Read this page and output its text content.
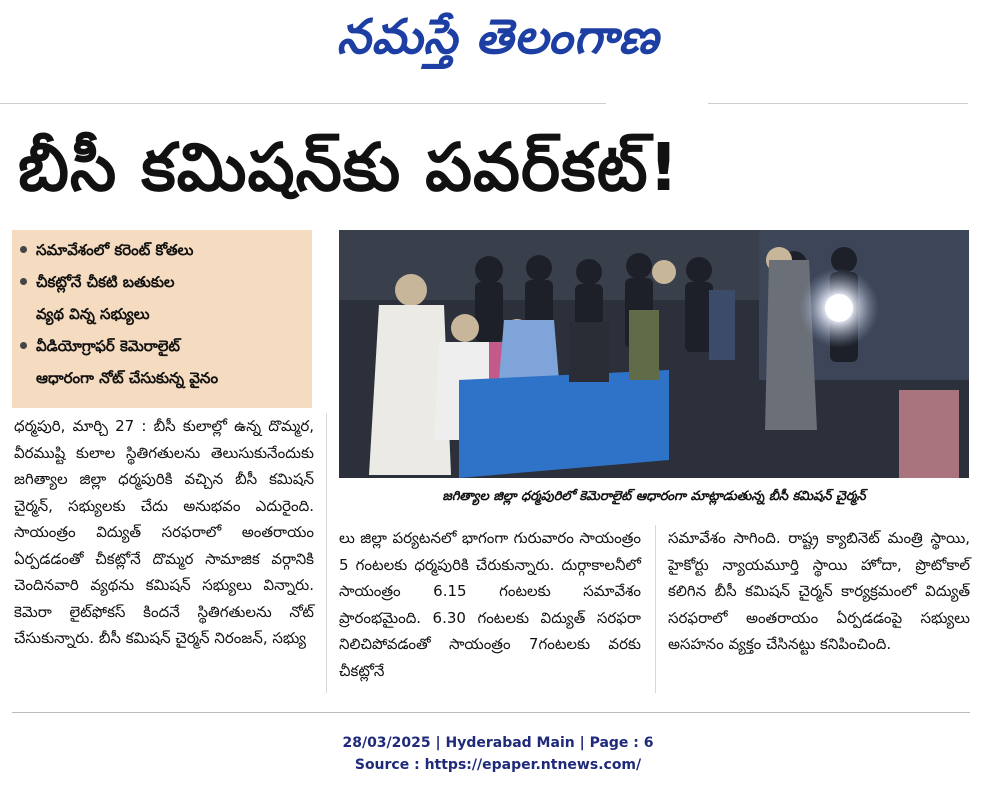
నమస్తే తెలంగాణ
బీసీ కమిషన్‌కు పవర్‌కట్!
సమావేశంలో కరెంట్ కోతలు
చీకట్లోనే చీకటి బతుకుల
వ్యథ విన్న సభ్యులు
వీడియోగ్రాఫర్ కెమెరాలైట్
ఆధారంగా నోట్ చేసుకున్న వైనం
జగిత్యాల జిల్లా ధర్మపురిలో కెమెరాలైట్ ఆధారంగా మాట్లాడుతున్న బీసీ కమిషన్ చైర్మన్

ధర్మపురి, మార్చి 27 : బీసీ కులాల్లో ఉన్న దొమ్మర, వీరముష్టి కులాల స్థితిగతులను తెలుసుకునేందుకు జగిత్యాల జిల్లా ధర్మపురికి వచ్చిన బీసీ కమిషన్ చైర్మన్, సభ్యులకు చేదు అనుభవం ఎదురైంది. సాయంత్రం విద్యుత్ సరఫరాలో అంతరాయం ఏర్పడడంతో చీకట్లోనే దొమ్మర సామాజిక వర్గానికి చెందినవారి వ్యథను కమిషన్ సభ్యులు విన్నారు. కెమెరా లైట్‌ఫోకస్ కిందనే స్థితిగతులను నోట్ చేసుకున్నారు. బీసీ కమిషన్ చైర్మన్ నిరంజన్, సభ్యు

లు జిల్లా పర్యటనలో భాగంగా గురువారం సాయంత్రం 5 గంటలకు ధర్మపురికి చేరుకున్నారు. దుర్గాకాలనీలో సాయంత్రం 6.15 గంటలకు సమావేశం ప్రారంభమైంది. 6.30 గంటలకు విద్యుత్ సరఫరా నిలిచిపోవడంతో సాయంత్రం 7గంటలకు వరకు చీకట్లోనే

సమావేశం సాగింది. రాష్ట్ర క్యాబినెట్ మంత్రి స్థాయి, హైకోర్టు న్యాయమూర్తి స్థాయి హోదా, ప్రొటోకాల్ కలిగిన బీసీ కమిషన్ చైర్మన్ కార్యక్రమంలో విద్యుత్ సరఫరాలో అంతరాయం ఏర్పడడంపై సభ్యులు అసహనం వ్యక్తం చేసినట్టు కనిపించింది.

28/03/2025 | Hyderabad Main | Page : 6
Source : https://epaper.ntnews.com/
